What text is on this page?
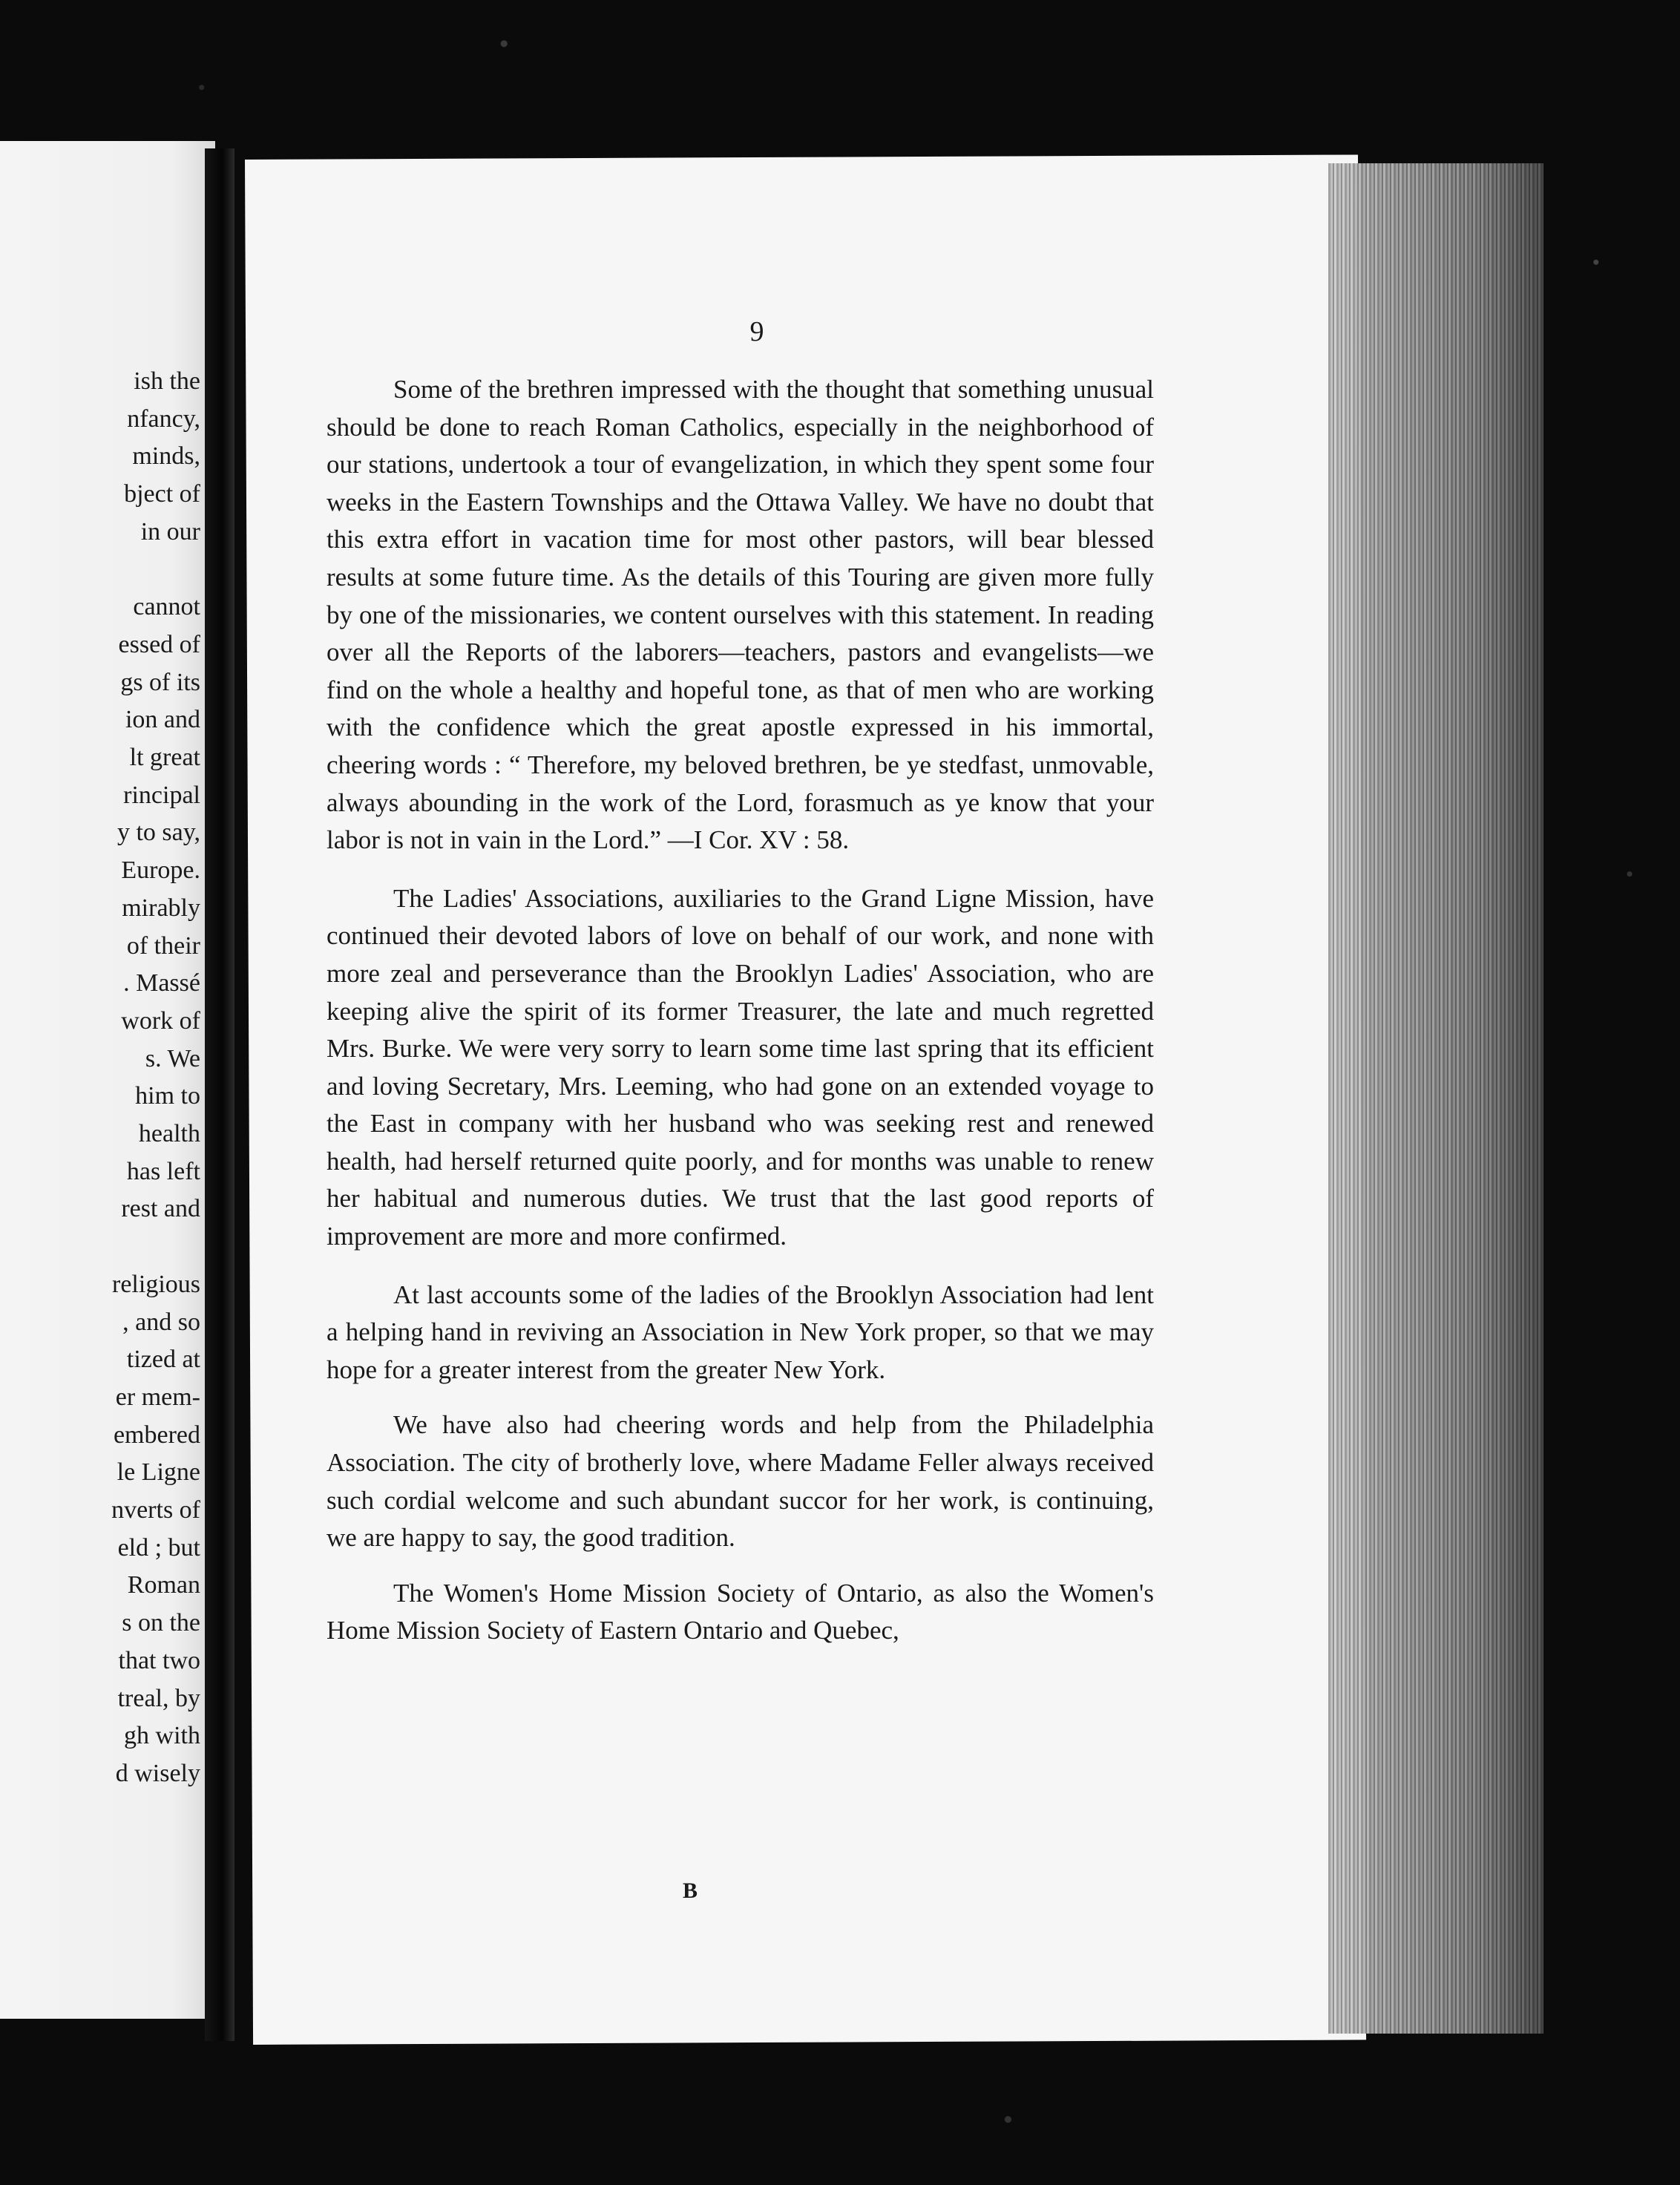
ish the
nfancy,
minds,
bject of
in our
cannot
essed of
gs of its
ion and
lt great
rincipal
y to say,
Europe.
mirably
of their
. Massé
work of
s. We
him to
health
has left
rest and
religious
, and so
tized at
er mem-
embered
le Ligne
nverts of
eld ; but
Roman
s on the
that two
treal, by
gh with
d wisely
9

Some of the brethren impressed with the thought that something unusual should be done to reach Roman Catholics, especially in the neighborhood of our stations, undertook a tour of evangelization, in which they spent some four weeks in the Eastern Townships and the Ottawa Valley. We have no doubt that this extra effort in vacation time for most other pastors, will bear blessed results at some future time. As the details of this Touring are given more fully by one of the missionaries, we content ourselves with this statement. In reading over all the Reports of the laborers—teachers, pastors and evangelists—we find on the whole a healthy and hopeful tone, as that of men who are working with the confidence which the great apostle expressed in his immortal, cheering words : “ Therefore, my beloved brethren, be ye stedfast, unmovable, always abounding in the work of the Lord, forasmuch as ye know that your labor is not in vain in the Lord.” —I Cor. XV : 58.

The Ladies' Associations, auxiliaries to the Grand Ligne Mission, have continued their devoted labors of love on behalf of our work, and none with more zeal and perseverance than the Brooklyn Ladies' Association, who are keeping alive the spirit of its former Treasurer, the late and much regretted Mrs. Burke. We were very sorry to learn some time last spring that its efficient and loving Secretary, Mrs. Leeming, who had gone on an extended voyage to the East in company with her husband who was seeking rest and renewed health, had herself returned quite poorly, and for months was unable to renew her habitual and numerous duties. We trust that the last good reports of improvement are more and more confirmed.

At last accounts some of the ladies of the Brooklyn Association had lent a helping hand in reviving an Association in New York proper, so that we may hope for a greater interest from the greater New York.

We have also had cheering words and help from the Philadelphia Association. The city of brotherly love, where Madame Feller always received such cordial welcome and such abundant succor for her work, is continuing, we are happy to say, the good tradition.

The Women's Home Mission Society of Ontario, as also the Women's Home Mission Society of Eastern Ontario and Quebec,

B
